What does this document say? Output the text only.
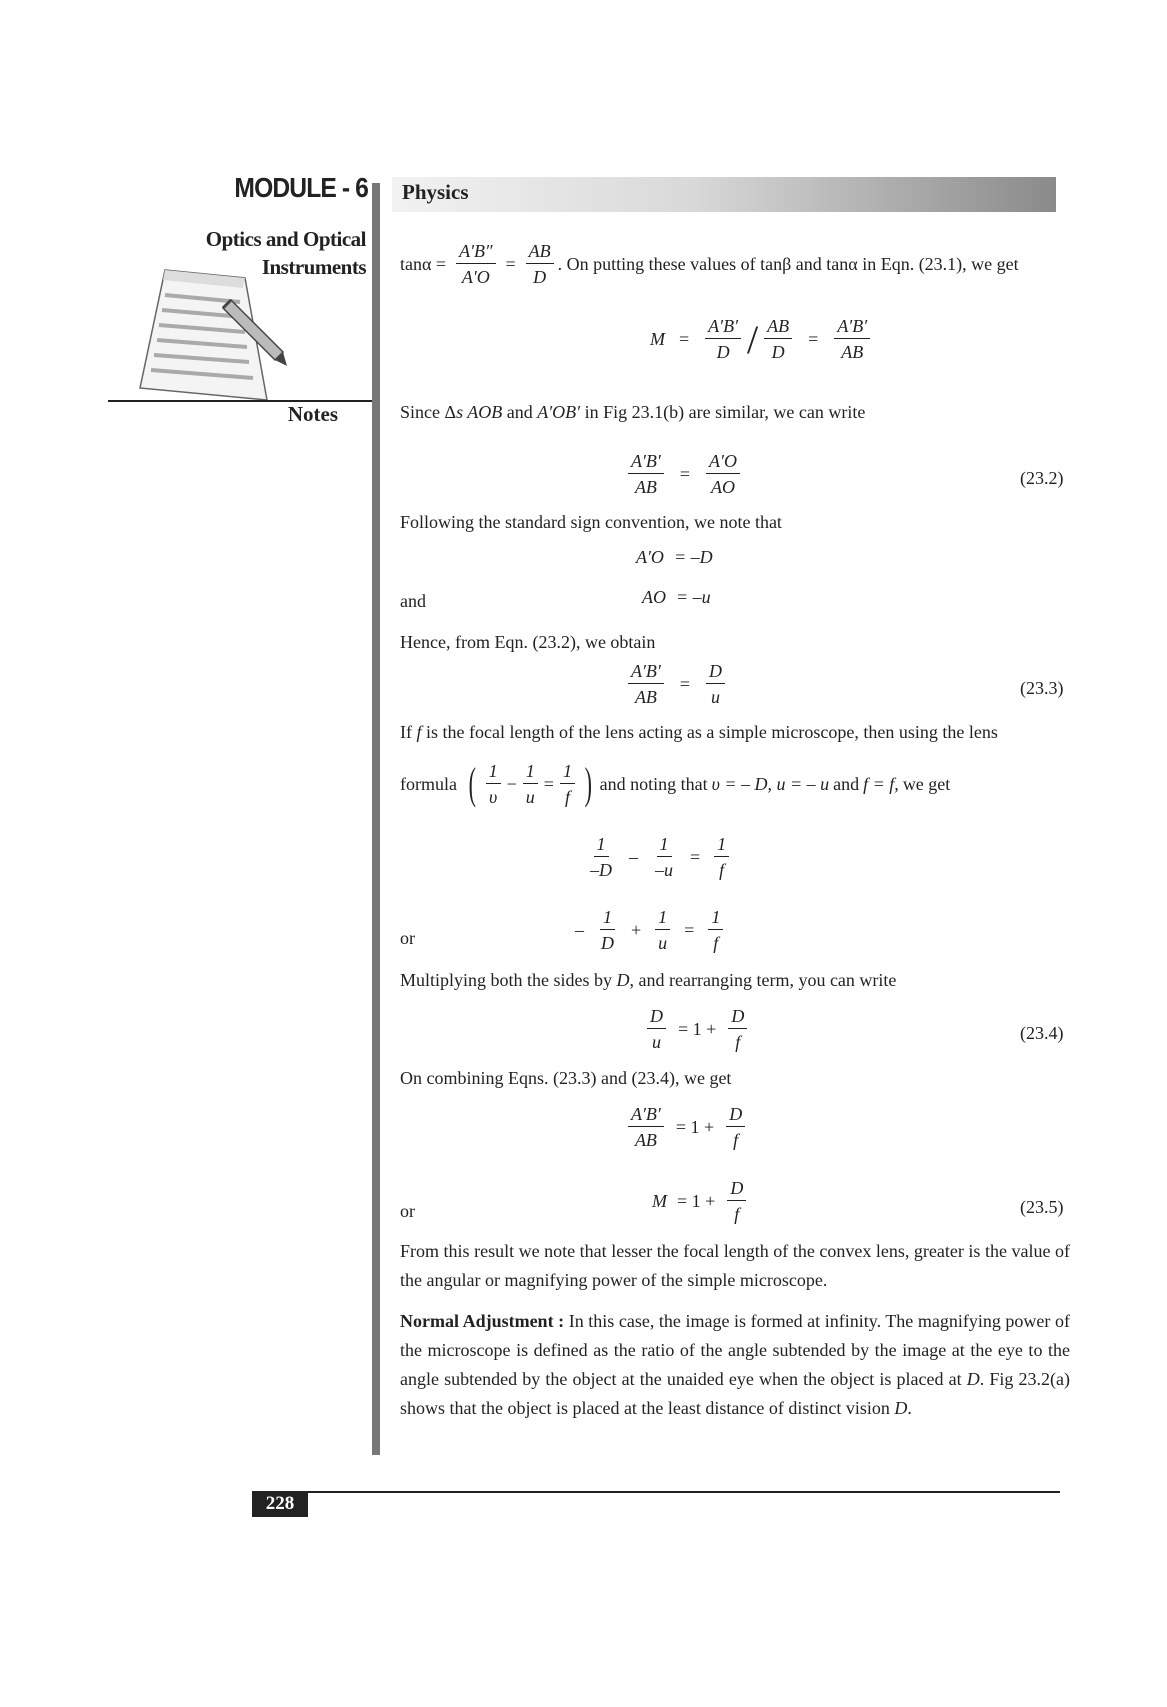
MODULE - 6
Optics and Optical
Instruments
Notes
Physics
$\tan\alpha = \frac{A'B''}{A'O} = \frac{AB}{D}$ . On putting these values of tanβ and tanα in Eqn. (23.1), we get
$M = \frac{A'B'}{D} / \frac{AB}{D} = \frac{A'B'}{AB}$
Since Δs AOB and A′OB′ in Fig 23.1(b) are similar, we can write
$\frac{A'B'}{AB} = \frac{A'O}{AO}$	(23.2)
Following the standard sign convention, we note that
A′O = –D
and	AO = –u
Hence, from Eqn. (23.2), we obtain
$\frac{A'B'}{AB} = \frac{D}{u}$	(23.3)
If f is the focal length of the lens acting as a simple microscope, then using the lens
formula ( $\frac{1}{\upsilon} - \frac{1}{u} = \frac{1}{f}$ ) and noting that υ = – D, u = – u and f = f, we get
$\frac{1}{-D} - \frac{1}{-u} = \frac{1}{f}$
or	– $\frac{1}{D} + \frac{1}{u} = \frac{1}{f}$
Multiplying both the sides by D, and rearranging term, you can write
$\frac{D}{u} = 1 + \frac{D}{f}$	(23.4)
On combining Eqns. (23.3) and (23.4), we get
$\frac{A'B'}{AB} = 1 + \frac{D}{f}$
or
$M = 1 + \frac{D}{f}$	(23.5)
From this result we note that lesser the focal length of the convex lens, greater is the value of the angular or magnifying power of the simple microscope.
Normal Adjustment : In this case, the image is formed at infinity. The magnifying power of the microscope is defined as the ratio of the angle subtended by the image at the eye to the angle subtended by the object at the unaided eye when the object is placed at D. Fig 23.2(a) shows that the object is placed at the least distance of distinct vision D.
228
